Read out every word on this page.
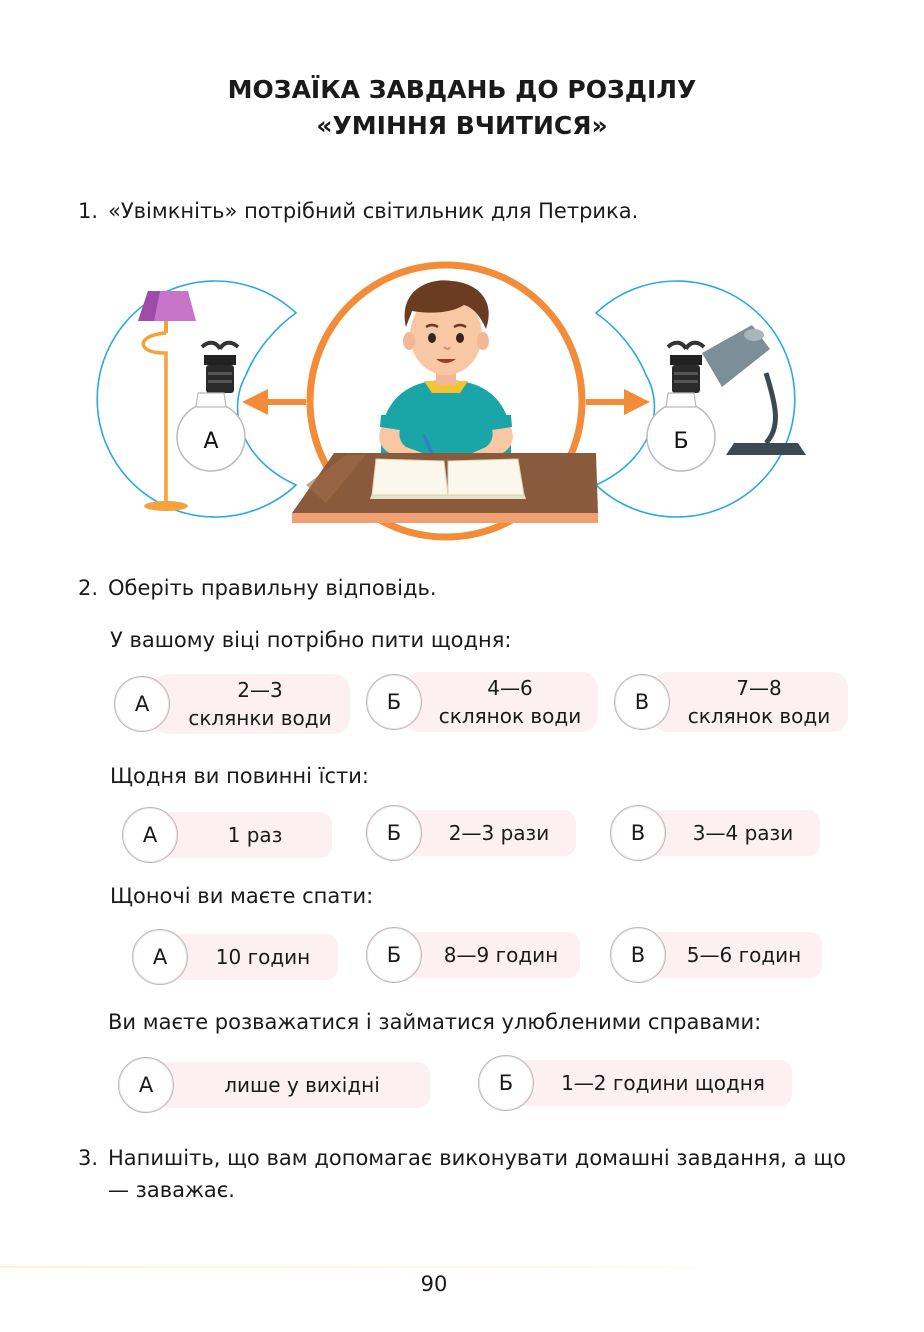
МОЗАЇКА ЗАВДАНЬ ДО РОЗДІЛУ
«УМІННЯ ВЧИТИСЯ»
1. «Увімкніть» потрібний світильник для Петрика.
А	Б
2. Оберіть правильну відповідь.
У вашому віці потрібно пити щодня:
А
2—3
склянки води
Б
4—6
склянок води
В
7—8
склянок води
Щодня ви повинні їсти:
А	1 раз	Б	2—3 рази	В	3—4 рази
Щоночі ви маєте спати:
А	10 годин	Б	8—9 годин	В	5—6 годин
Ви маєте розважатися і займатися улюбленими справами:
А	лише у вихідні	Б	1—2 години щодня
3. Напишіть, що вам допомагає виконувати домашні завдання, а що — заважає.
90
